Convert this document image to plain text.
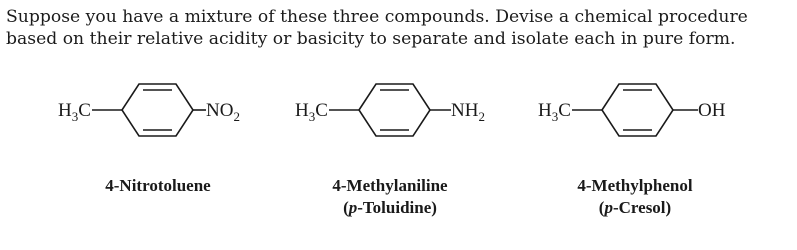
Suppose you have a mixture of these three compounds. Devise a chemical procedure
based on their relative acidity or basicity to separate and isolate each in pure form.
$H_3C$	$NO_2$
4-Nitrotoluene
$H_3C$	$NH_2$
4-Methylaniline
(p-Toluidine)
$H_3C$	OH
4-Methylphenol
(p-Cresol)
